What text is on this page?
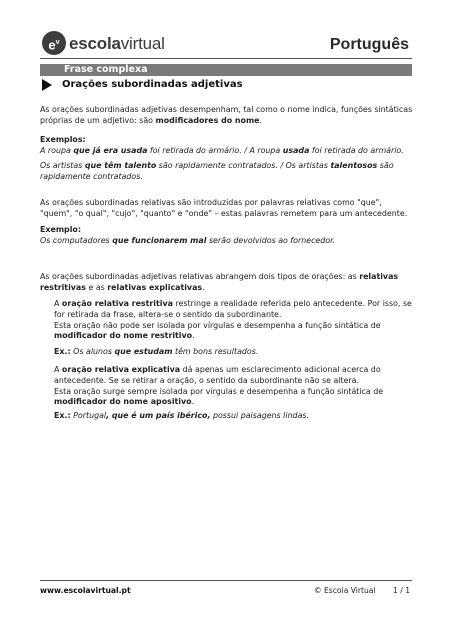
$e^v$ escolavirtual	Português
Frase complexa
Orações subordinadas adjetivas
As orações subordinadas adjetivas desempenham, tal como o nome indica, funções sintáticas próprias de um adjetivo: são modificadores do nome.

Exemplos:

A roupa que já era usada foi retirada do armário. / A roupa usada foi retirada do armário.

Os artistas que têm talento são rapidamente contratados. / Os artistas talentosos são rapidamente contratados.
As orações subordinadas relativas são introduzidas por palavras relativas como "que", "quem", "o qual", "cujo", "quanto" e "onde" – estas palavras remetem para um antecedente.

Exemplo:

Os computadores que funcionarem mal serão devolvidos ao fornecedor.

As orações subordinadas adjetivas relativas abrangem dois tipos de orações: as relativas restritivas e as relativas explicativas.

A oração relativa restritiva restringe a realidade referida pelo antecedente. Por isso, se for retirada da frase, altera-se o sentido da subordinante.

Esta oração não pode ser isolada por vírgulas e desempenha a função sintática de modificador do nome restritivo.

Ex.: Os alunos que estudam têm bons resultados.

A oração relativa explicativa dá apenas um esclarecimento adicional acerca do antecedente. Se se retirar a oração, o sentido da subordinante não se altera.

Esta oração surge sempre isolada por vírgulas e desempenha a função sintática de modificador do nome apositivo.

Ex.: Portugal, que é um país ibérico, possui paisagens lindas.
www.escolavirtual.pt	© Escola Virtual 1 / 1
